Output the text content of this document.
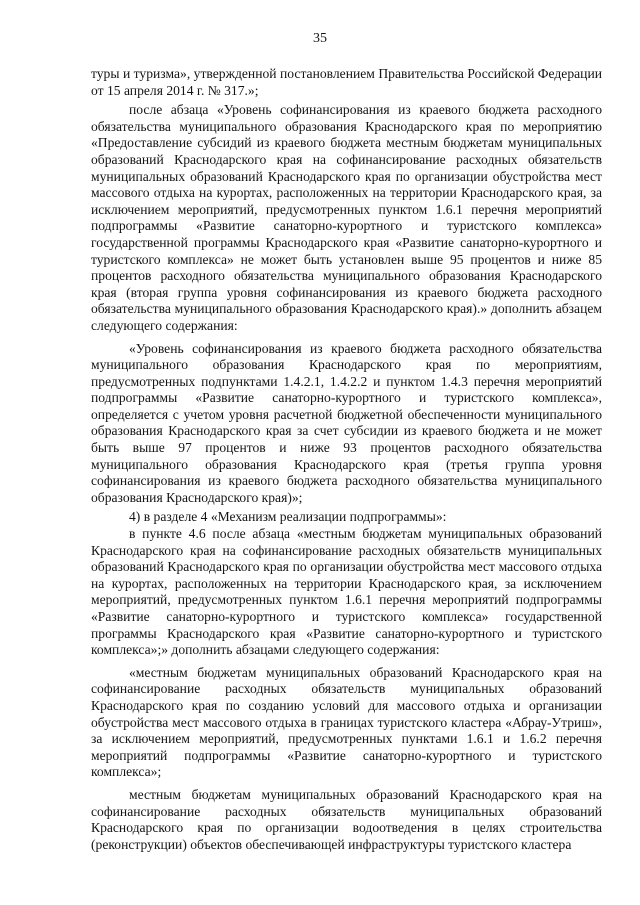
35

туры и туризма», утвержденной постановлением Правительства Российской Федерации от 15 апреля 2014 г. № 317.»;

после абзаца «Уровень софинансирования из краевого бюджета расходного обязательства муниципального образования Краснодарского края по мероприятию «Предоставление субсидий из краевого бюджета местным бюджетам муниципальных образований Краснодарского края на софинансирование расходных обязательств муниципальных образований Краснодарского края по организации обустройства мест массового отдыха на курортах, расположенных на территории Краснодарского края, за исключением мероприятий, предусмотренных пунктом 1.6.1 перечня мероприятий подпрограммы «Развитие санаторно-курортного и туристского комплекса» государственной программы Краснодарского края «Развитие санаторно-курортного и туристского комплекса» не может быть установлен выше 95 процентов и ниже 85 процентов расходного обязательства муниципального образования Краснодарского края (вторая группа уровня софинансирования из краевого бюджета расходного обязательства муниципального образования Краснодарского края).» дополнить абзацем следующего содержания:

«Уровень софинансирования из краевого бюджета расходного обязательства муниципального образования Краснодарского края по мероприятиям, предусмотренных подпунктами 1.4.2.1, 1.4.2.2 и пунктом 1.4.3 перечня мероприятий подпрограммы «Развитие санаторно-курортного и туристского комплекса», определяется с учетом уровня расчетной бюджетной обеспеченности муниципального образования Краснодарского края за счет субсидии из краевого бюджета и не может быть выше 97 процентов и ниже 93 процентов расходного обязательства муниципального образования Краснодарского края (третья группа уровня софинансирования из краевого бюджета расходного обязательства муниципального образования Краснодарского края)»;

4) в разделе 4 «Механизм реализации подпрограммы»:

в пункте 4.6 после абзаца «местным бюджетам муниципальных образований Краснодарского края на софинансирование расходных обязательств муниципальных образований Краснодарского края по организации обустройства мест массового отдыха на курортах, расположенных на территории Краснодарского края, за исключением мероприятий, предусмотренных пунктом 1.6.1 перечня мероприятий подпрограммы «Развитие санаторно-курортного и туристского комплекса» государственной программы Краснодарского края «Развитие санаторно-курортного и туристского комплекса»;» дополнить абзацами следующего содержания:

«местным бюджетам муниципальных образований Краснодарского края на софинансирование расходных обязательств муниципальных образований Краснодарского края по созданию условий для массового отдыха и организации обустройства мест массового отдыха в границах туристского кластера «Абрау-Утриш», за исключением мероприятий, предусмотренных пунктами 1.6.1 и 1.6.2 перечня мероприятий подпрограммы «Развитие санаторно-курортного и туристского комплекса»;

местным бюджетам муниципальных образований Краснодарского края на софинансирование расходных обязательств муниципальных образований Краснодарского края по организации водоотведения в целях строительства (реконструкции) объектов обеспечивающей инфраструктуры туристского кластера
